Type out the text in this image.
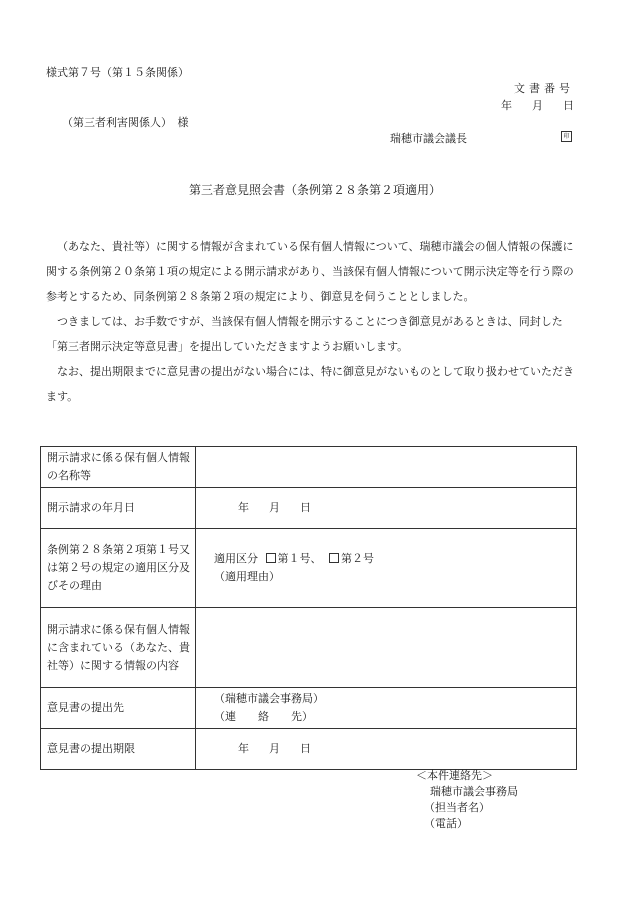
様式第７号（第１５条関係）
文書番号
年 月 日
（第三者利害関係人）　様
瑞穂市議会議長	印
第三者意見照会書（条例第２８条第２項適用）

（あなた、貴社等）に関する情報が含まれている保有個人情報について、瑞穂市議会の個人情報の保護に関する条例第２０条第１項の規定による開示請求があり、当該保有個人情報について開示決定等を行う際の参考とするため、同条例第２８条第２項の規定により、御意見を伺うこととしました。

つきましては、お手数ですが、当該保有個人情報を開示することにつき御意見があるときは、同封した「第三者開示決定等意見書」を提出していただきますようお願いします。

なお、提出期限までに意見書の提出がない場合には、特に御意見がないものとして取り扱わせていただきます。

開示請求に係る保有個人情報の名称等	
開示請求の年月日	年 月 日
条例第２８条第２項第１号又は第２号の規定の適用区分及びその理由	適用区分 第１号、 第２号
（適用理由）

開示請求に係る保有個人情報に含まれている（あなた、貴社等）に関する情報の内容	
意見書の提出先	（瑞穂市議会事務局）
（連　　絡　　先）

意見書の提出期限	年 月 日
＜本件連絡先＞
瑞穂市議会事務局
（担当者名）
（電話）
